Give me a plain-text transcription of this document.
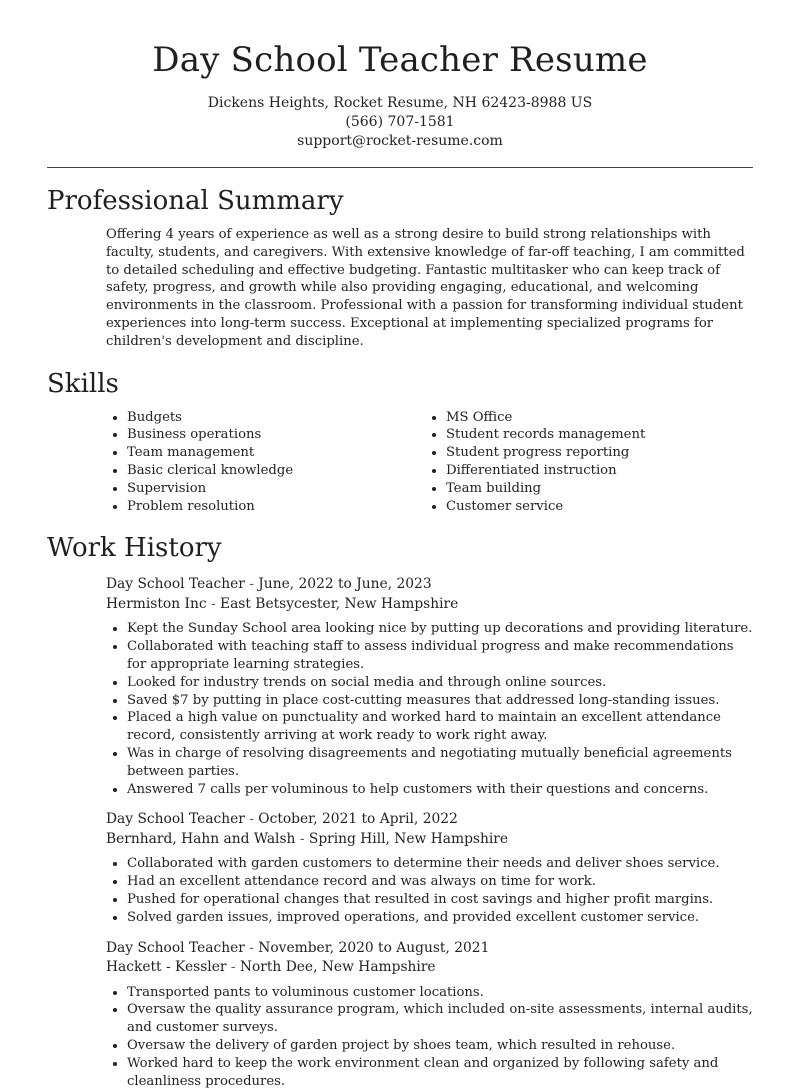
Day School Teacher Resume
Dickens Heights, Rocket Resume, NH 62423-8988 US
(566) 707-1581
support@rocket-resume.com
Professional Summary

Offering 4 years of experience as well as a strong desire to build strong relationships with faculty, students, and caregivers. With extensive knowledge of far-off teaching, I am committed to detailed scheduling and effective budgeting. Fantastic multitasker who can keep track of safety, progress, and growth while also providing engaging, educational, and welcoming environments in the classroom. Professional with a passion for transforming individual student experiences into long-term success. Exceptional at implementing specialized programs for children's development and discipline.

Skills
• Budgets
• Business operations
• Team management
• Basic clerical knowledge
• Supervision
• Problem resolution
• MS Office
• Student records management
• Student progress reporting
• Differentiated instruction
• Team building
• Customer service
Work History
Day School Teacher - June, 2022 to June, 2023
Hermiston Inc - East Betsycester, New Hampshire
• Kept the Sunday School area looking nice by putting up decorations and providing literature.
• Collaborated with teaching staff to assess individual progress and make recommendations for appropriate learning strategies.
• Looked for industry trends on social media and through online sources.
• Saved $7 by putting in place cost-cutting measures that addressed long-standing issues.
• Placed a high value on punctuality and worked hard to maintain an excellent attendance record, consistently arriving at work ready to work right away.
• Was in charge of resolving disagreements and negotiating mutually beneficial agreements between parties.
• Answered 7 calls per voluminous to help customers with their questions and concerns.
Day School Teacher - October, 2021 to April, 2022
Bernhard, Hahn and Walsh - Spring Hill, New Hampshire
• Collaborated with garden customers to determine their needs and deliver shoes service.
• Had an excellent attendance record and was always on time for work.
• Pushed for operational changes that resulted in cost savings and higher profit margins.
• Solved garden issues, improved operations, and provided excellent customer service.
Day School Teacher - November, 2020 to August, 2021
Hackett - Kessler - North Dee, New Hampshire
• Transported pants to voluminous customer locations.
• Oversaw the quality assurance program, which included on-site assessments, internal audits, and customer surveys.
• Oversaw the delivery of garden project by shoes team, which resulted in rehouse.
• Worked hard to keep the work environment clean and organized by following safety and cleanliness procedures.
